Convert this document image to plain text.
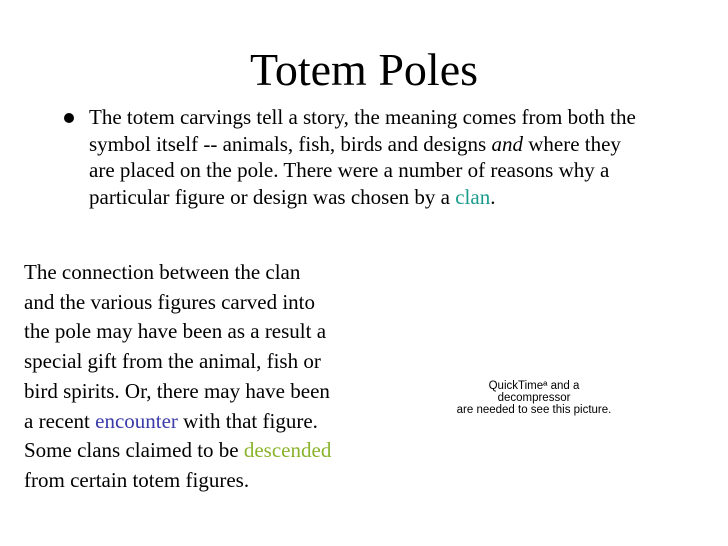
Totem Poles
The totem carvings tell a story, the meaning comes from both the symbol itself -- animals, fish, birds and designs and where they are placed on the pole. There were a number of reasons why a particular figure or design was chosen by a clan.
The connection between the clan and the various figures carved into the pole may have been as a result a special gift from the animal, fish or bird spirits. Or, there may have been a recent encounter with that figure. Some clans claimed to be descended from certain totem figures.
QuickTimeª and a
decompressor
are needed to see this picture.
